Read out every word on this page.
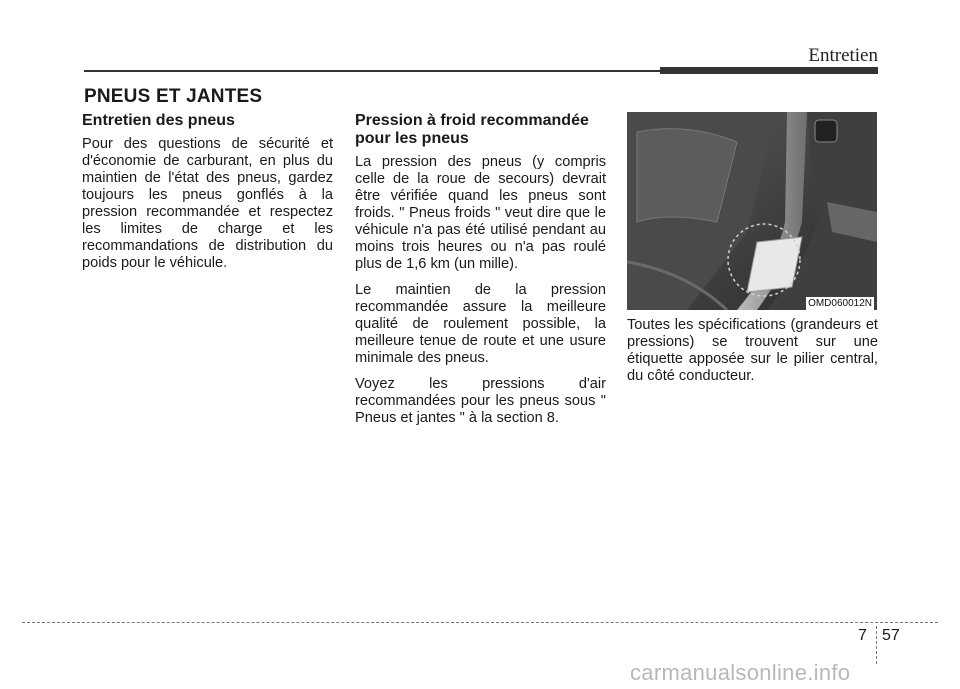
Entretien
PNEUS ET JANTES
Entretien des pneus

Pour des questions de sécurité et d'économie de carburant, en plus du maintien de l'état des pneus, gardez toujours les pneus gonflés à la pression recommandée et respectez les limites de charge et les recommandations de distribution du poids pour le véhicule.

Pression à froid recommandée pour les pneus

La pression des pneus (y compris celle de la roue de secours) devrait être vérifiée quand les pneus sont froids. " Pneus froids " veut dire que le véhicule n'a pas été utilisé pendant au moins trois heures ou n'a pas roulé plus de 1,6 km (un mille).

Le maintien de la pression recommandée assure la meilleure qualité de roulement possible, la meilleure tenue de route et une usure minimale des pneus.

Voyez les pressions d'air recommandées pour les pneus sous " Pneus et jantes " à la section 8.

OMD060012N

Toutes les spécifications (grandeurs et pressions) se trouvent sur une étiquette apposée sur le pilier central, du côté conducteur.

7 57
carmanualsonline.info
